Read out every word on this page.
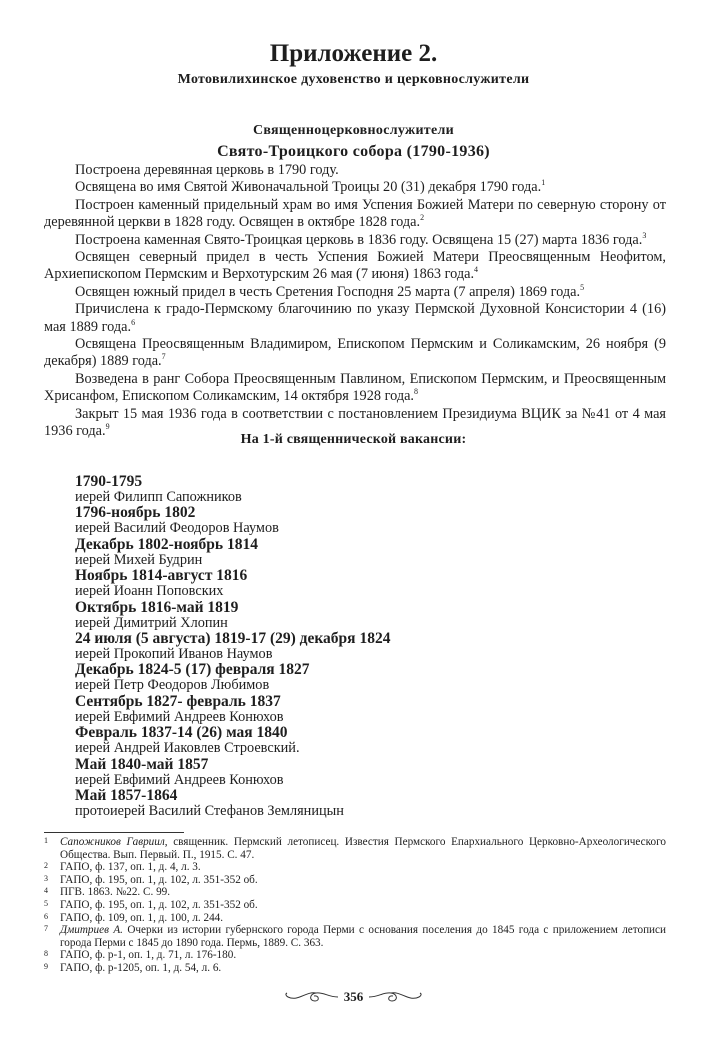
Приложение 2.
Мотовилихинское духовенство и церковнослужители
Священноцерковнослужители
Свято-Троицкого собора (1790-1936)

Построена деревянная церковь в 1790 году.

Освящена во имя Святой Живоначальной Троицы 20 (31) декабря 1790 года.$^1$

Построен каменный придельный храм во имя Успения Божией Матери по северную сторону от деревянной церкви в 1828 году. Освящен в октябре 1828 года.$^2$

Построена каменная Свято-Троицкая церковь в 1836 году. Освящена 15 (27) марта 1836 года.$^3$

Освящен северный придел в честь Успения Божией Матери Преосвященным Неофитом, Архиепископом Пермским и Верхотурским 26 мая (7 июня) 1863 года.$^4$

Освящен южный придел в честь Сретения Господня 25 марта (7 апреля) 1869 года.$^5$

Причислена к градо-Пермскому благочинию по указу Пермской Духовной Консистории 4 (16) мая 1889 года.$^6$

Освящена Преосвященным Владимиром, Епископом Пермским и Соликамским, 26 ноября (9 декабря) 1889 года.$^7$

Возведена в ранг Собора Преосвященным Павлином, Епископом Пермским, и Преосвященным Хрисанфом, Епископом Соликамским, 14 октября 1928 года.$^8$

Закрыт 15 мая 1936 года в соответствии с постановлением Президиума ВЦИК за №41 от 4 мая 1936 года.$^9$

На 1-й священнической вакансии:
1790-1795
иерей Филипп Сапожников
1796-ноябрь 1802
иерей Василий Феодоров Наумов
Декабрь 1802-ноябрь 1814
иерей Михей Будрин
Ноябрь 1814-август 1816
иерей Иоанн Поповских
Октябрь 1816-май 1819
иерей Димитрий Хлопин
24 июля (5 августа) 1819-17 (29) декабря 1824
иерей Прокопий Иванов Наумов
Декабрь 1824-5 (17) февраля 1827
иерей Петр Феодоров Любимов
Сентябрь 1827- февраль 1837
иерей Евфимий Андреев Конюхов
Февраль 1837-14 (26) мая 1840
иерей Андрей Иаковлев Строевский.
Май 1840-май 1857
иерей Евфимий Андреев Конюхов
Май 1857-1864
протоиерей Василий Стефанов Земляницын
1 Сапожников Гавриил, священник. Пермский летописец. Известия Пермского Епархиального Церковно-Археологического Общества. Вып. Первый. П., 1915. С. 47.
2 ГАПО, ф. 137, оп. 1, д. 4, л. 3.
3 ГАПО, ф. 195, оп. 1, д. 102, л. 351-352 об.
4 ПГВ. 1863. №22. С. 99.
5 ГАПО, ф. 195, оп. 1, д. 102, л. 351-352 об.
6 ГАПО, ф. 109, оп. 1, д. 100, л. 244.
7 Дмитриев А. Очерки из истории губернского города Перми с основания поселения до 1845 года с приложением летописи города Перми с 1845 до 1890 года. Пермь, 1889. С. 363.
8 ГАПО, ф. р-1, оп. 1, д. 71, л. 176-180.
9 ГАПО, ф. р-1205, оп. 1, д. 54, л. 6.
356
